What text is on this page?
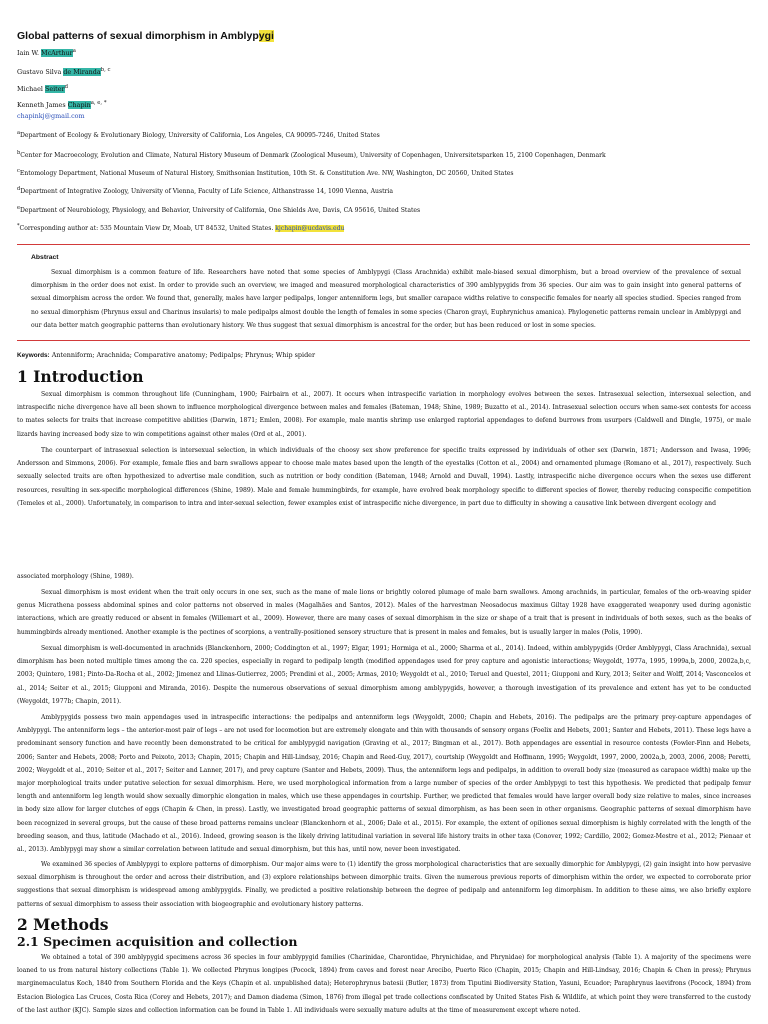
Global patterns of sexual dimorphism in Amblypygi
Iain W. McArthur$^a$
Gustavo Silva de Miranda$^{b, c}$
Michael Seiter$^d$
Kenneth James Chapin$^{a, e, *}$
chapinkj@gmail.com
$^a$Department of Ecology & Evolutionary Biology, University of California, Los Angeles, CA 90095-7246, United States
$^b$Center for Macroecology, Evolution and Climate, Natural History Museum of Denmark (Zoological Museum), University of Copenhagen, Universitetsparken 15, 2100 Copenhagen, Denmark
$^c$Entomology Department, National Museum of Natural History, Smithsonian Institution, 10th St. & Constitution Ave. NW, Washington, DC 20560, United States
$^d$Department of Integrative Zoology, University of Vienna, Faculty of Life Science, Althanstrasse 14, 1090 Vienna, Austria
$^e$Department of Neurobiology, Physiology, and Behavior, University of California, One Shields Ave, Davis, CA 95616, United States
*Corresponding author at: 535 Mountain View Dr, Moab, UT 84532, United States. kjchapin@ucdavis.edu
Abstract
Sexual dimorphism is a common feature of life. Researchers have noted that some species of Amblypygi (Class Arachnida) exhibit male-biased sexual dimorphism, but a broad overview of the prevalence of sexual dimorphism in the order does not exist. In order to provide such an overview, we imaged and measured morphological characteristics of 390 amblypygids from 36 species. Our aim was to gain insight into general patterns of sexual dimorphism across the order. We found that, generally, males have larger pedipalps, longer antenniform legs, but smaller carapace widths relative to conspecific females for nearly all species studied. Species ranged from no sexual dimorphism (Phrynus exsul and Charinus insularis) to male pedipalps almost double the length of females in some species (Charon grayi, Euphrynichus amanica). Phylogenetic patterns remain unclear in Amblypygi and our data better match geographic patterns than evolutionary history. We thus suggest that sexual dimorphism is ancestral for the order, but has been reduced or lost in some species.
Keywords: Antenniform; Arachnida; Comparative anatomy; Pedipalps; Phrynus; Whip spider
1 Introduction
Sexual dimorphism is common throughout life (Cunningham, 1900; Fairbairn et al., 2007). It occurs when intraspecific variation in morphology evolves between the sexes. Intrasexual selection, intersexual selection, and intraspecific niche divergence have all been shown to influence morphological divergence between males and females (Bateman, 1948; Shine, 1989; Buzatto et al., 2014). Intrasexual selection occurs when same-sex contests for access to mates selects for traits that increase competitive abilities (Darwin, 1871; Emlen, 2008). For example, male mantis shrimp use enlarged raptorial appendages to defend burrows from usurpers (Caldwell and Dingle, 1975), or male lizards having increased body size to win competitions against other males (Ord et al., 2001).
The counterpart of intrasexual selection is intersexual selection, in which individuals of the choosy sex show preference for specific traits expressed by individuals of other sex (Darwin, 1871; Andersson and Iwasa, 1996; Andersson and Simmons, 2006). For example, female flies and barn swallows appear to choose male mates based upon the length of the eyestalks (Cotton et al., 2004) and ornamented plumage (Romano et al., 2017), respectively. Such sexually selected traits are often hypothesized to advertise male condition, such as nutrition or body condition (Bateman, 1948; Arnold and Duvall, 1994). Lastly, intraspecific niche divergence occurs when the sexes use different resources, resulting in sex-specific morphological differences (Shine, 1989). Male and female hummingbirds, for example, have evolved beak morphology specific to different species of flower, thereby reducing conspecific competition (Temeles et al., 2000). Unfortunately, in comparison to intra and inter-sexual selection, fewer examples exist of intraspecific niche divergence, in part due to difficulty in showing a causative link between divergent ecology and
associated morphology (Shine, 1989).
Sexual dimorphism is most evident when the trait only occurs in one sex, such as the mane of male lions or brightly colored plumage of male barn swallows. Among arachnids, in particular, females of the orb-weaving spider genus Micrathena possess abdominal spines and color patterns not observed in males (Magalhães and Santos, 2012). Males of the harvestman Neosadocus maximus Giltay 1928 have exaggerated weaponry used during agonistic interactions, which are greatly reduced or absent in females (Willemart et al., 2009). However, there are many cases of sexual dimorphism in the size or shape of a trait that is present in individuals of both sexes, such as the beaks of hummingbirds already mentioned. Another example is the pectines of scorpions, a ventrally-positioned sensory structure that is present in males and females, but is usually larger in males (Polis, 1990).
Sexual dimorphism is well-documented in arachnids (Blanckenhorn, 2000; Coddington et al., 1997; Elgar, 1991; Hormiga et al., 2000; Sharma et al., 2014). Indeed, within amblypygids (Order Amblypygi, Class Arachnida), sexual dimorphism has been noted multiple times among the ca. 220 species, especially in regard to pedipalp length (modified appendages used for prey capture and agonistic interactions; Weygoldt, 1977a, 1995, 1999a,b, 2000, 2002a,b,c, 2003; Quintero, 1981; Pinto-Da-Rocha et al., 2002; Jimenez and Llinas-Gutierrez, 2005; Prendini et al., 2005; Armas, 2010; Weygoldt et al., 2010; Teruel and Questel, 2011; Giupponi and Kury, 2013; Seiter and Wolff, 2014; Vasconcelos et al., 2014; Seiter et al., 2015; Giupponi and Miranda, 2016). Despite the numerous observations of sexual dimorphism among amblypygids, however, a thorough investigation of its prevalence and extent has yet to be conducted (Weygoldt, 1977b; Chapin, 2011).
Amblypygids possess two main appendages used in intraspecific interactions: the pedipalps and antenniform legs (Weygoldt, 2000; Chapin and Hebets, 2016). The pedipalps are the primary prey-capture appendages of Amblypygi. The antenniform legs – the anterior-most pair of legs – are not used for locomotion but are extremely elongate and thin with thousands of sensory organs (Foelix and Hebets, 2001; Santer and Hebets, 2011). These legs have a predominant sensory function and have recently been demonstrated to be critical for amblypygid navigation (Graving et al., 2017; Bingman et al., 2017). Both appendages are essential in resource contests (Fowler-Finn and Hebets, 2006; Santer and Hebets, 2008; Porto and Peixoto, 2013; Chapin, 2015; Chapin and Hill-Lindsay, 2016; Chapin and Reed-Guy, 2017), courtship (Weygoldt and Hoffmann, 1995; Weygoldt, 1997, 2000, 2002a,b, 2003, 2006, 2008; Peretti, 2002; Weygoldt et al., 2010; Seiter et al., 2017; Seiter and Lanner, 2017), and prey capture (Santer and Hebets, 2009). Thus, the antenniform legs and pedipalps, in addition to overall body size (measured as carapace width) make up the major morphological traits under putative selection for sexual dimorphism. Here, we used morphological information from a large number of species of the order Amblypygi to test this hypothesis. We predicted that pedipalp femur length and antenniform leg length would show sexually dimorphic elongation in males, which use these appendages in courtship. Further, we predicted that females would have larger overall body size relative to males, since increases in body size allow for larger clutches of eggs (Chapin & Chen, in press). Lastly, we investigated broad geographic patterns of sexual dimorphism, as has been seen in other organisms. Geographic patterns of sexual dimorphism have been recognized in several groups, but the cause of these broad patterns remains unclear (Blanckenhorn et al., 2006; Dale et al., 2015). For example, the extent of opiliones sexual dimorphism is highly correlated with the length of the breeding season, and thus, latitude (Machado et al., 2016). Indeed, growing season is the likely driving latitudinal variation in several life history traits in other taxa (Conover, 1992; Cardillo, 2002; Gomez-Mestre et al., 2012; Pienaar et al., 2013). Amblypygi may show a similar correlation between latitude and sexual dimorphism, but this has, until now, never been investigated.
We examined 36 species of Amblypygi to explore patterns of dimorphism. Our major aims were to (1) identify the gross morphological characteristics that are sexually dimorphic for Amblypygi, (2) gain insight into how pervasive sexual dimorphism is throughout the order and across their distribution, and (3) explore relationships between dimorphic traits. Given the numerous previous reports of dimorphism within the order, we expected to corroborate prior suggestions that sexual dimorphism is widespread among amblypygids. Finally, we predicted a positive relationship between the degree of pedipalp and antenniform leg dimorphism. In addition to these aims, we also briefly explore patterns of sexual dimorphism to assess their association with biogeographic and evolutionary history patterns.
2 Methods
2.1 Specimen acquisition and collection
We obtained a total of 390 amblypygid specimens across 36 species in four amblypygid families (Charinidae, Charontidae, Phrynichidae, and Phrynidae) for morphological analysis (Table 1). A majority of the specimens were loaned to us from natural history collections (Table 1). We collected Phrynus longipes (Pocock, 1894) from caves and forest near Arecibo, Puerto Rico (Chapin, 2015; Chapin and Hill-Lindsay, 2016; Chapin & Chen in press); Phrynus marginemaculatus Koch, 1840 from Southern Florida and the Keys (Chapin et al. unpublished data); Heterophrynus batesii (Butler, 1873) from Tiputini Biodiversity Station, Yasuni, Ecuador; Paraphrynus laevifrons (Pocock, 1894) from Estacion Biologica Las Cruces, Costa Rica (Corey and Hebets, 2017); and Damon diadema (Simon, 1876) from illegal pet trade collections confiscated by United States Fish & Wildlife, at which point they were transferred to the custody of the last author (KJC). Sample sizes and collection information can be found in Table 1. All individuals were sexually mature adults at the time of measurement except where noted.
